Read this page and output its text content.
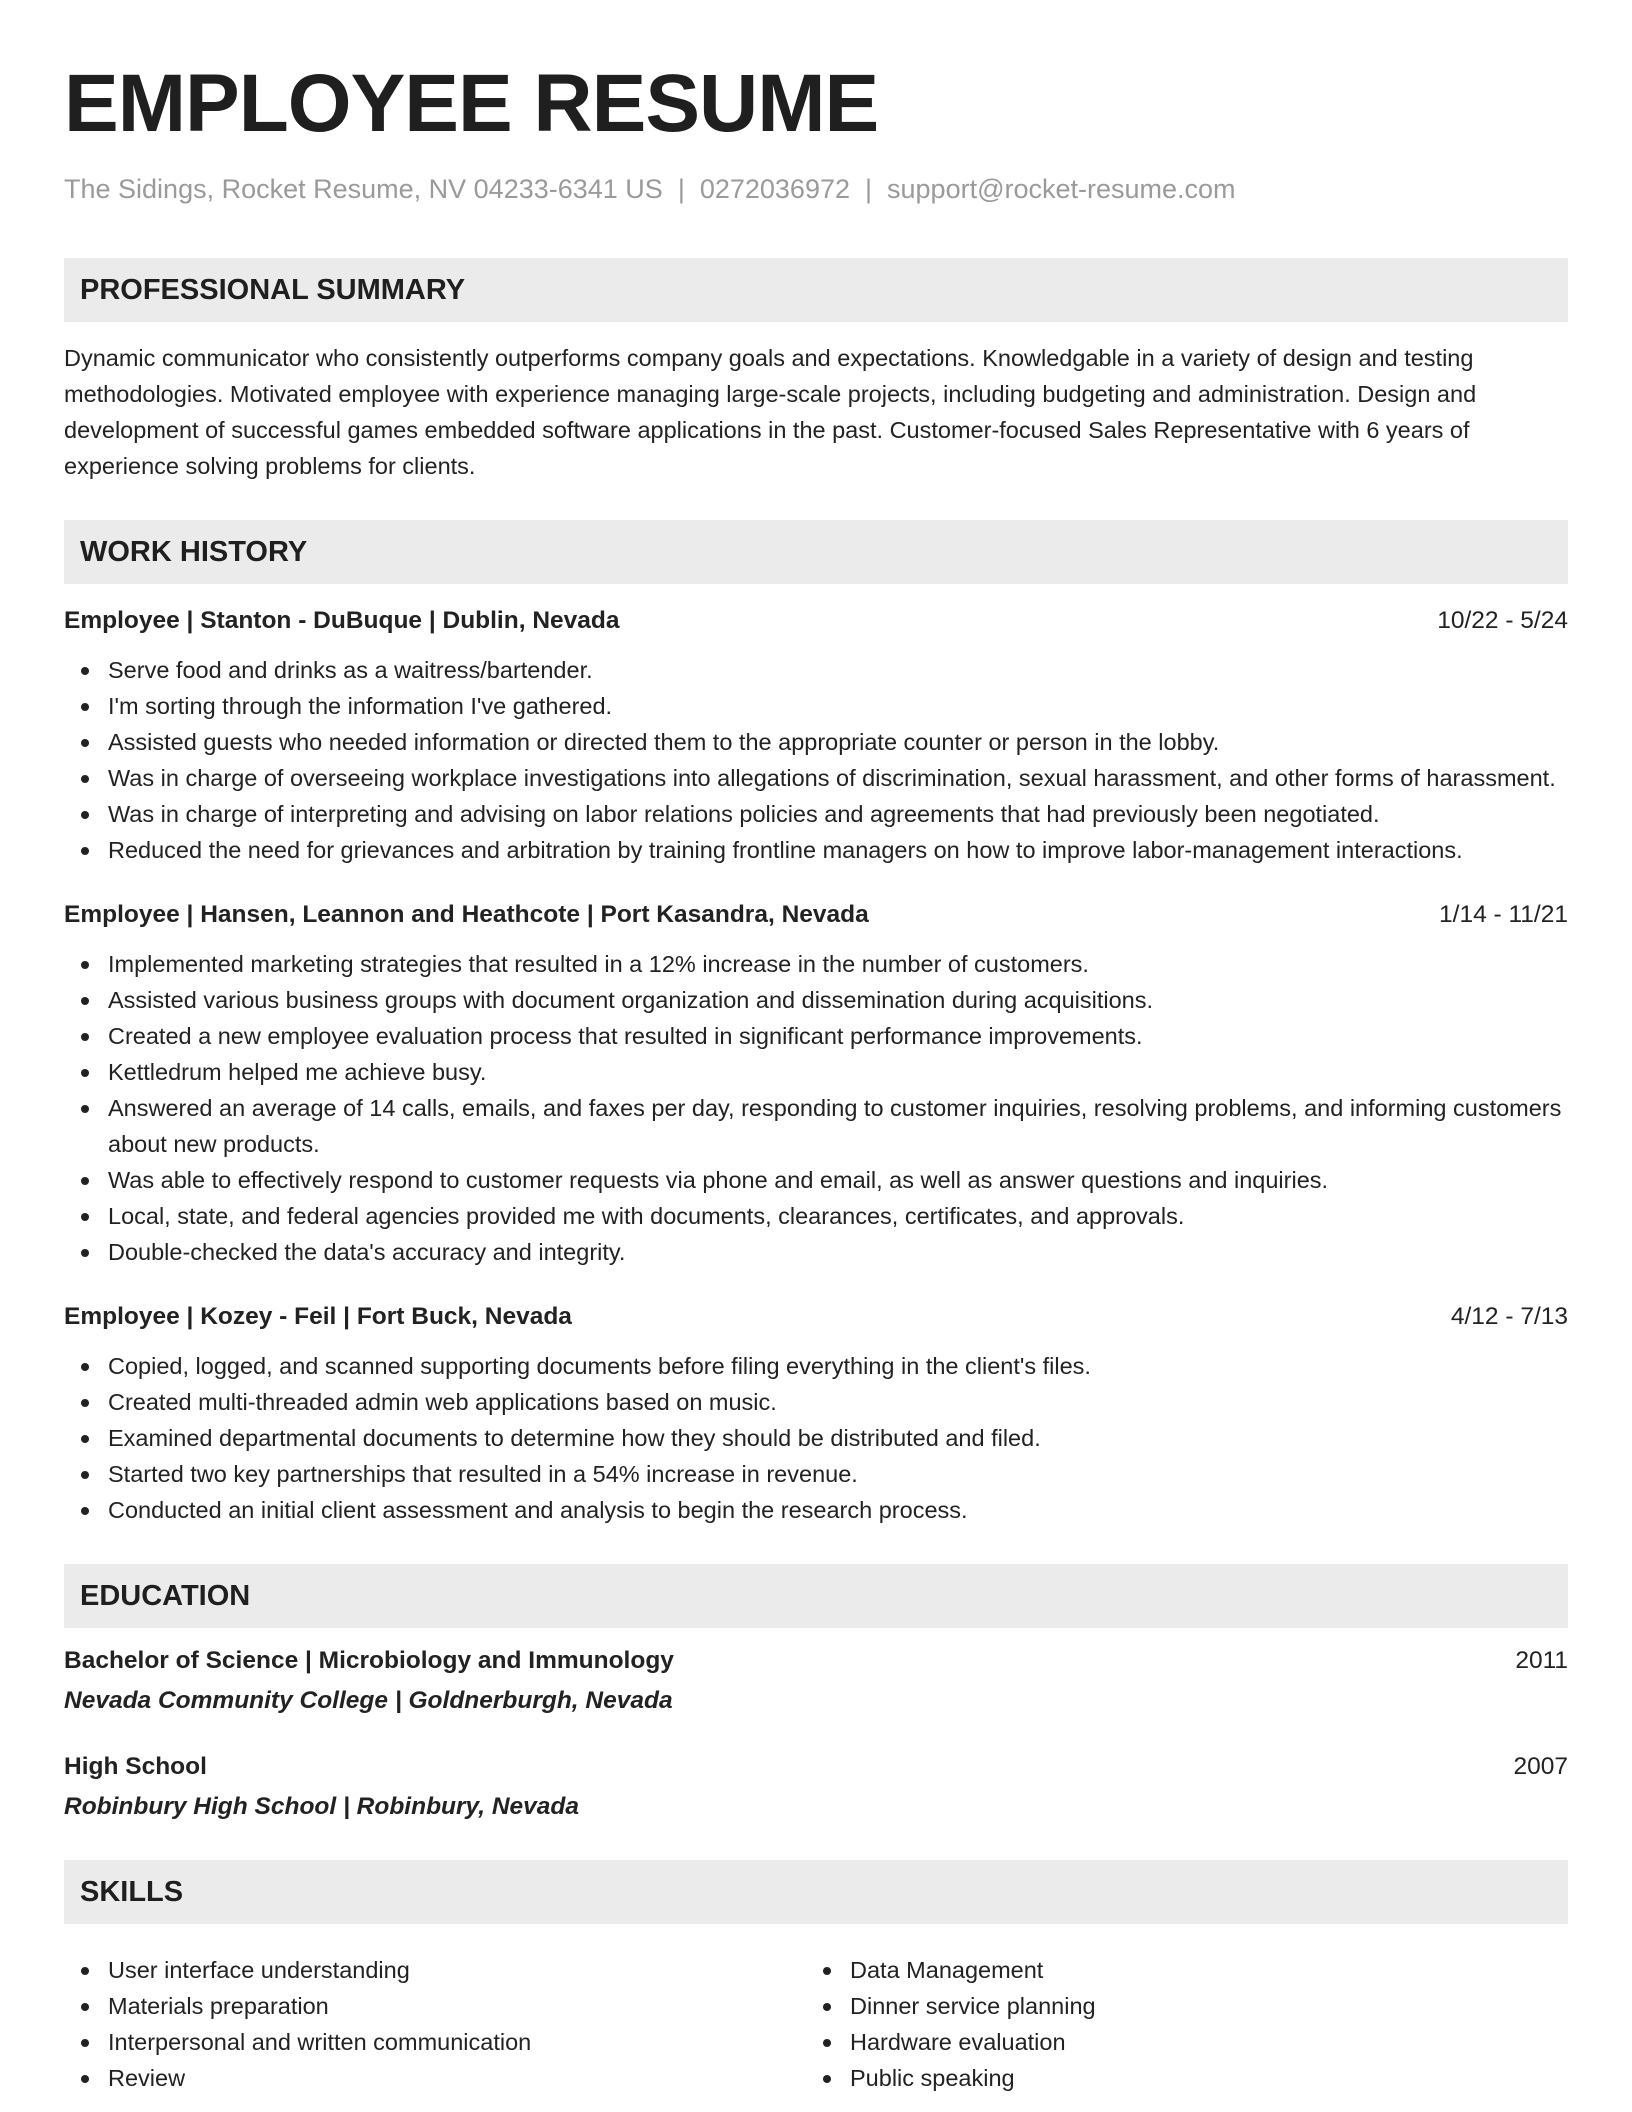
EMPLOYEE RESUME
The Sidings, Rocket Resume, NV 04233-6341 US | 0272036972 | support@rocket-resume.com
PROFESSIONAL SUMMARY

Dynamic communicator who consistently outperforms company goals and expectations. Knowledgable in a variety of design and testing methodologies. Motivated employee with experience managing large-scale projects, including budgeting and administration. Design and development of successful games embedded software applications in the past. Customer-focused Sales Representative with 6 years of experience solving problems for clients.

WORK HISTORY
Employee | Stanton - DuBuque | Dublin, Nevada	10/22 - 5/24
Serve food and drinks as a waitress/bartender.
I'm sorting through the information I've gathered.
Assisted guests who needed information or directed them to the appropriate counter or person in the lobby.
Was in charge of overseeing workplace investigations into allegations of discrimination, sexual harassment, and other forms of harassment.
Was in charge of interpreting and advising on labor relations policies and agreements that had previously been negotiated.
Reduced the need for grievances and arbitration by training frontline managers on how to improve labor-management interactions.
Employee | Hansen, Leannon and Heathcote | Port Kasandra, Nevada	1/14 - 11/21
Implemented marketing strategies that resulted in a 12% increase in the number of customers.
Assisted various business groups with document organization and dissemination during acquisitions.
Created a new employee evaluation process that resulted in significant performance improvements.
Kettledrum helped me achieve busy.
Answered an average of 14 calls, emails, and faxes per day, responding to customer inquiries, resolving problems, and informing customers about new products.
Was able to effectively respond to customer requests via phone and email, as well as answer questions and inquiries.
Local, state, and federal agencies provided me with documents, clearances, certificates, and approvals.
Double-checked the data's accuracy and integrity.
Employee | Kozey - Feil | Fort Buck, Nevada	4/12 - 7/13
Copied, logged, and scanned supporting documents before filing everything in the client's files.
Created multi-threaded admin web applications based on music.
Examined departmental documents to determine how they should be distributed and filed.
Started two key partnerships that resulted in a 54% increase in revenue.
Conducted an initial client assessment and analysis to begin the research process.
EDUCATION
Bachelor of Science | Microbiology and Immunology	2011
Nevada Community College | Goldnerburgh, Nevada
High School	2007
Robinbury High School | Robinbury, Nevada
SKILLS
User interface understanding
Materials preparation
Interpersonal and written communication
Review
Data Management
Dinner service planning
Hardware evaluation
Public speaking
